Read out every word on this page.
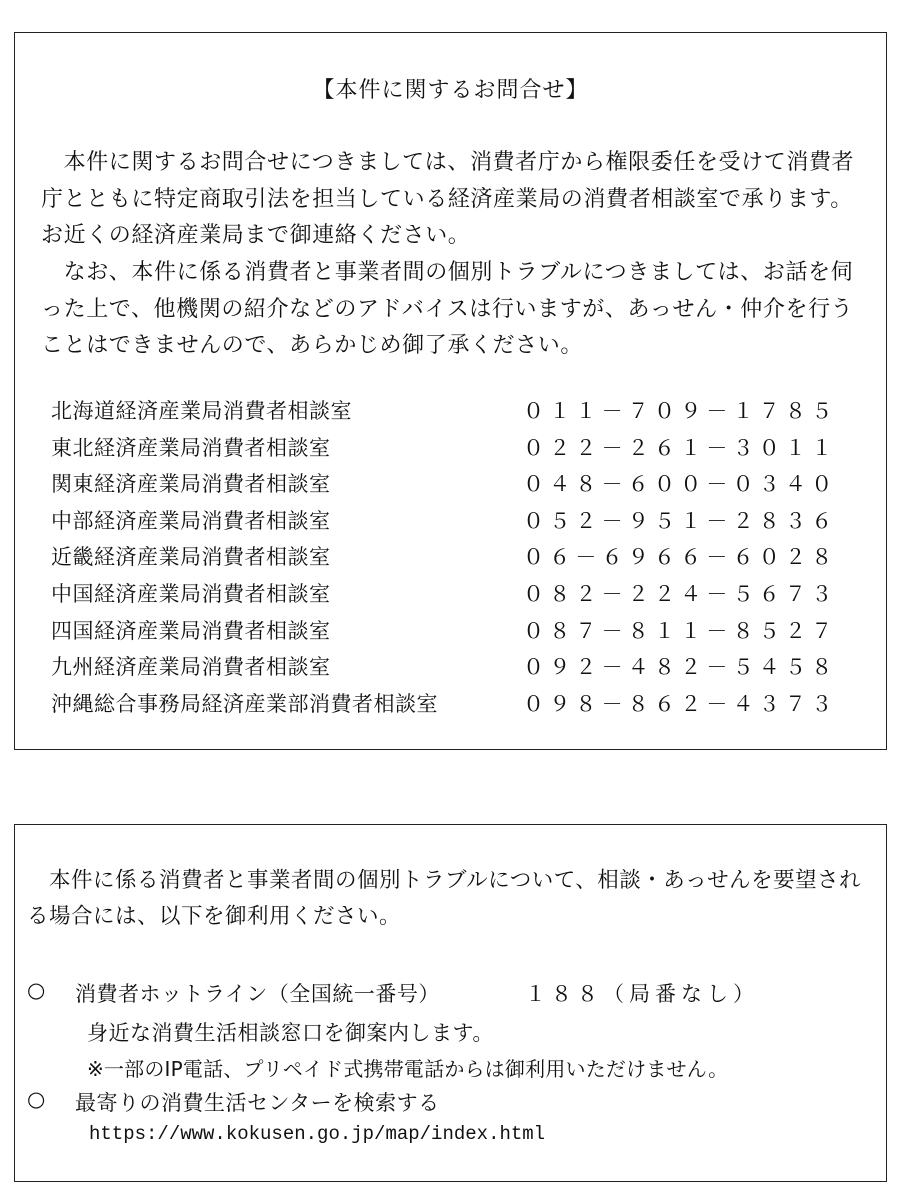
【本件に関するお問合せ】

　本件に関するお問合せにつきましては、消費者庁から権限委任を受けて消費者庁とともに特定商取引法を担当している経済産業局の消費者相談室で承ります。お近くの経済産業局まで御連絡ください。

　なお、本件に係る消費者と事業者間の個別トラブルにつきましては、お話を伺った上で、他機関の紹介などのアドバイスは行いますが、あっせん・仲介を行うことはできませんので、あらかじめ御了承ください。

北海道経済産業局消費者相談室	０１１－７０９－１７８５
東北経済産業局消費者相談室	０２２－２６１－３０１１
関東経済産業局消費者相談室	０４８－６００－０３４０
中部経済産業局消費者相談室	０５２－９５１－２８３６
近畿経済産業局消費者相談室	０６－６９６６－６０２８
中国経済産業局消費者相談室	０８２－２２４－５６７３
四国経済産業局消費者相談室	０８７－８１１－８５２７
九州経済産業局消費者相談室	０９２－４８２－５４５８
沖縄総合事務局経済産業部消費者相談室	０９８－８６２－４３７３

　本件に係る消費者と事業者間の個別トラブルについて、相談・あっせんを要望される場合には、以下を御利用ください。

○ 消費者ホットライン（全国統一番号）	１８８（局番なし）
身近な消費生活相談窓口を御案内します。
※一部のIP電話、プリペイド式携帯電話からは御利用いただけません。
○ 最寄りの消費生活センターを検索する
https://www.kokusen.go.jp/map/index.html
